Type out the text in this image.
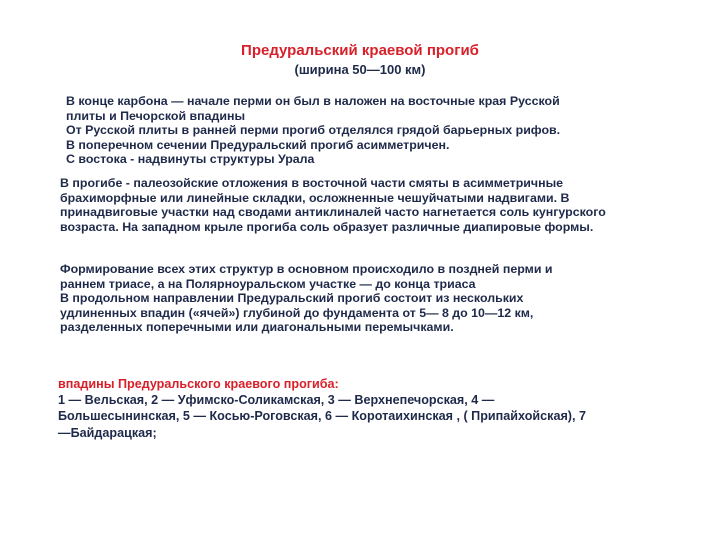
Предуральский краевой прогиб
(ширина 50—100 км)
В конце карбона — начале перми он был в наложен на восточные края Русской
плиты и Печорской впадины
От Русской плиты в ранней перми прогиб отделялся грядой барьерных рифов.
В поперечном сечении Предуральский прогиб асимметричен.
С востока - надвинуты структуры Урала
В прогибе - палеозойские отложения в восточной части смяты в асимметричные брахиморфные или линейные складки, осложненные чешуйчатыми надвигами. В принадвиговые участки над сводами антиклиналей часто нагнетается соль кунгурского возраста. На западном крыле прогиба соль образует различные диапировые формы.
Формирование всех этих структур в основном происходило в поздней перми и
раннем триасе, а на Полярноуральском участке — до конца триаса
В продольном направлении Предуральский прогиб состоит из нескольких
удлиненных впадин («ячей») глубиной до фундамента от 5— 8 до 10—12 км,
разделенных поперечными или диагональными перемычками.
впадины Предуральского краевого прогиба:
1 — Вельская, 2 — Уфимско-Соликамская, 3 — Верхнепечорская, 4 — Большесынинская, 5 — Косью-Роговская, 6 — Коротаихинская , ( Припайхойская), 7 —Байдарацкая;
